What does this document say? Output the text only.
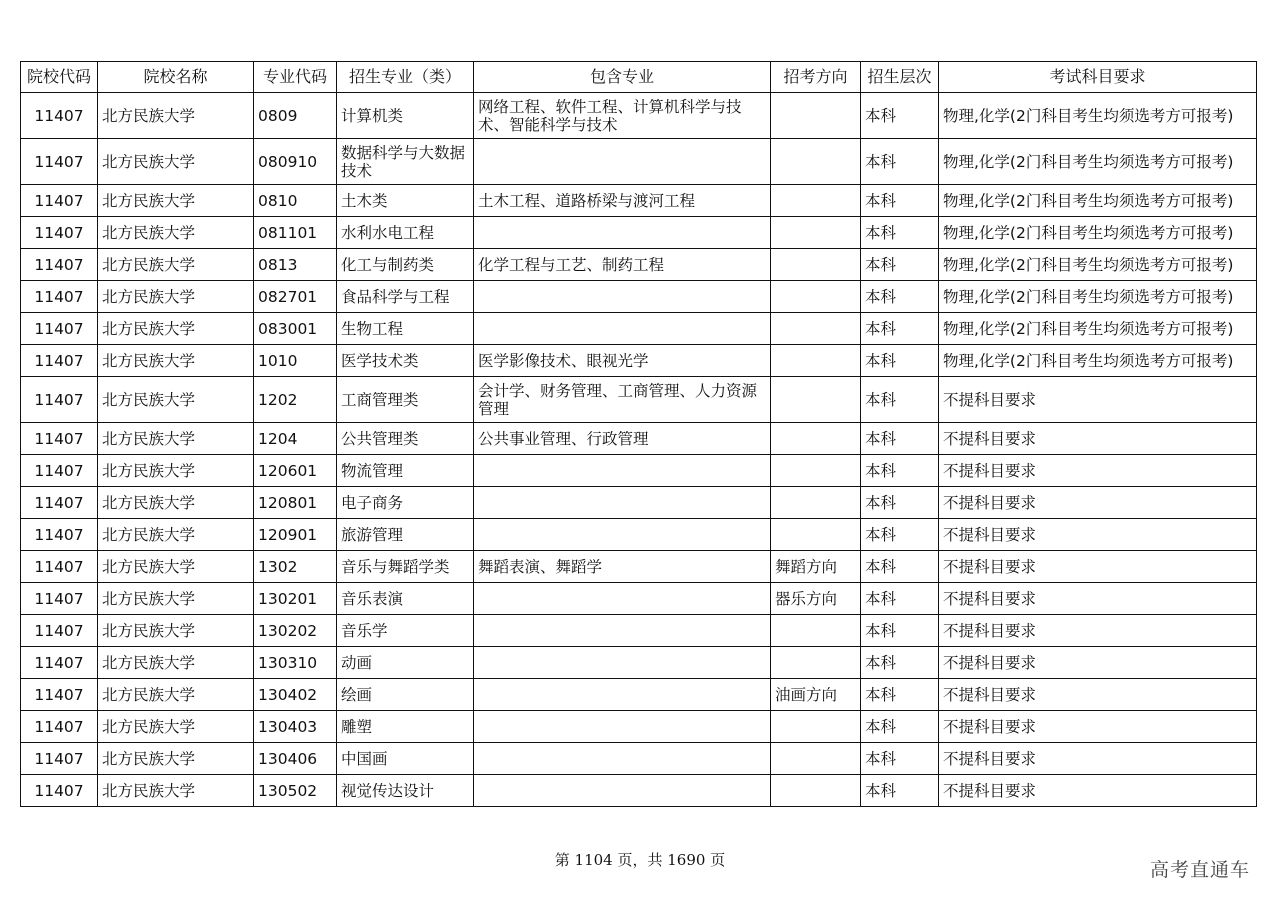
院校代码	院校名称	专业代码	招生专业（类）	包含专业	招考方向	招生层次	考试科目要求
11407	北方民族大学	0809	计算机类	网络工程、软件工程、计算机科学与技术、智能科学与技术		本科	物理,化学(2门科目考生均须选考方可报考)
11407	北方民族大学	080910	数据科学与大数据技术			本科	物理,化学(2门科目考生均须选考方可报考)
11407	北方民族大学	0810	土木类	土木工程、道路桥梁与渡河工程		本科	物理,化学(2门科目考生均须选考方可报考)
11407	北方民族大学	081101	水利水电工程			本科	物理,化学(2门科目考生均须选考方可报考)
11407	北方民族大学	0813	化工与制药类	化学工程与工艺、制药工程		本科	物理,化学(2门科目考生均须选考方可报考)
11407	北方民族大学	082701	食品科学与工程			本科	物理,化学(2门科目考生均须选考方可报考)
11407	北方民族大学	083001	生物工程			本科	物理,化学(2门科目考生均须选考方可报考)
11407	北方民族大学	1010	医学技术类	医学影像技术、眼视光学		本科	物理,化学(2门科目考生均须选考方可报考)
11407	北方民族大学	1202	工商管理类	会计学、财务管理、工商管理、人力资源管理		本科	不提科目要求
11407	北方民族大学	1204	公共管理类	公共事业管理、行政管理		本科	不提科目要求
11407	北方民族大学	120601	物流管理			本科	不提科目要求
11407	北方民族大学	120801	电子商务			本科	不提科目要求
11407	北方民族大学	120901	旅游管理			本科	不提科目要求
11407	北方民族大学	1302	音乐与舞蹈学类	舞蹈表演、舞蹈学	舞蹈方向	本科	不提科目要求
11407	北方民族大学	130201	音乐表演		器乐方向	本科	不提科目要求
11407	北方民族大学	130202	音乐学			本科	不提科目要求
11407	北方民族大学	130310	动画			本科	不提科目要求
11407	北方民族大学	130402	绘画		油画方向	本科	不提科目要求
11407	北方民族大学	130403	雕塑			本科	不提科目要求
11407	北方民族大学	130406	中国画			本科	不提科目要求
11407	北方民族大学	130502	视觉传达设计			本科	不提科目要求
第 1104 页，共 1690 页	高考直通车
